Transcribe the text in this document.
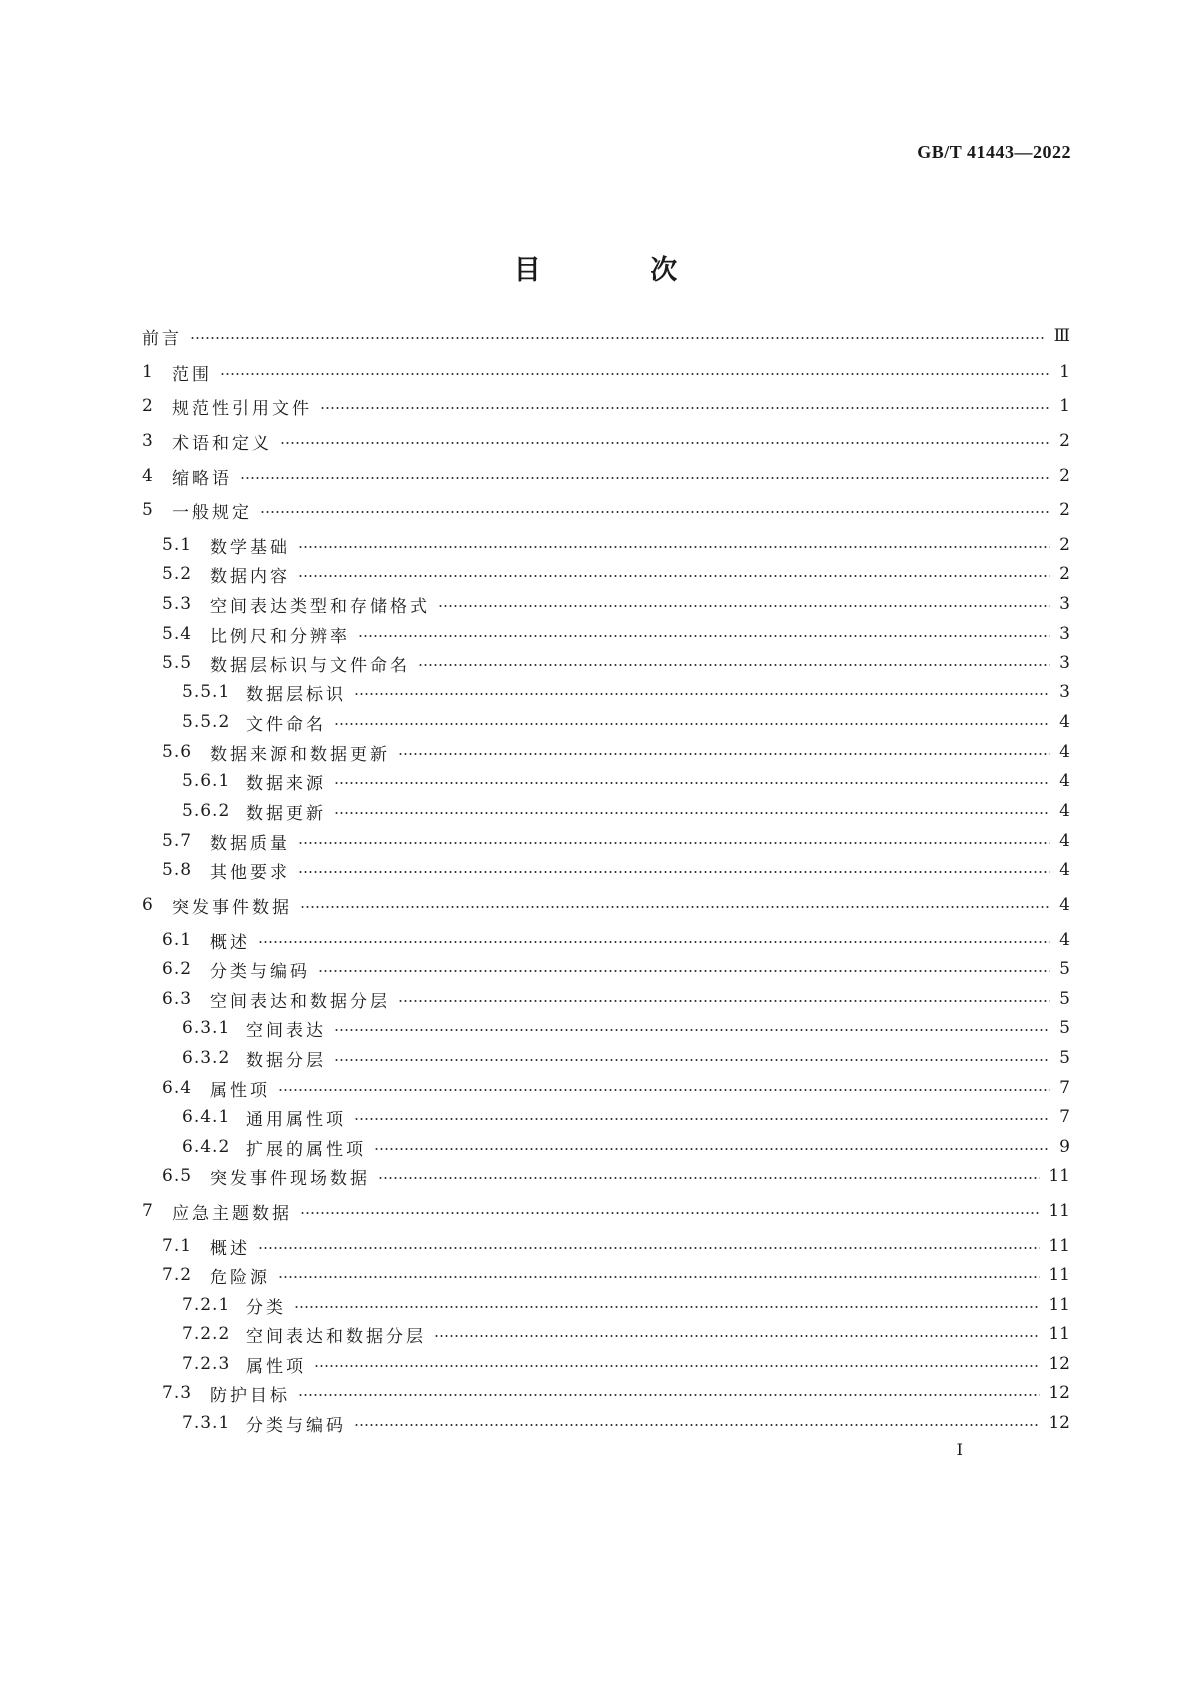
GB/T 41443—2022
目 次
前言	Ⅲ
1	范围	1
2	规范性引用文件	1
3	术语和定义	2
4	缩略语	2
5	一般规定	2
5.1	数学基础	2
5.2	数据内容	2
5.3	空间表达类型和存储格式	3
5.4	比例尺和分辨率	3
5.5	数据层标识与文件命名	3
5.5.1 数据层标识	3
5.5.2 文件命名	4
5.6	数据来源和数据更新	4
5.6.1 数据来源	4
5.6.2 数据更新	4
5.7	数据质量	4
5.8	其他要求	4
6	突发事件数据	4
6.1	概述	4
6.2	分类与编码	5
6.3	空间表达和数据分层	5
6.3.1 空间表达	5
6.3.2 数据分层	5
6.4	属性项	7
6.4.1 通用属性项	7
6.4.2 扩展的属性项	9
6.5	突发事件现场数据	11
7	应急主题数据	11
7.1	概述	11
7.2	危险源	11
7.2.1 分类	11
7.2.2 空间表达和数据分层	11
7.2.3 属性项	12
7.3	防护目标	12
7.3.1 分类与编码	12
I
